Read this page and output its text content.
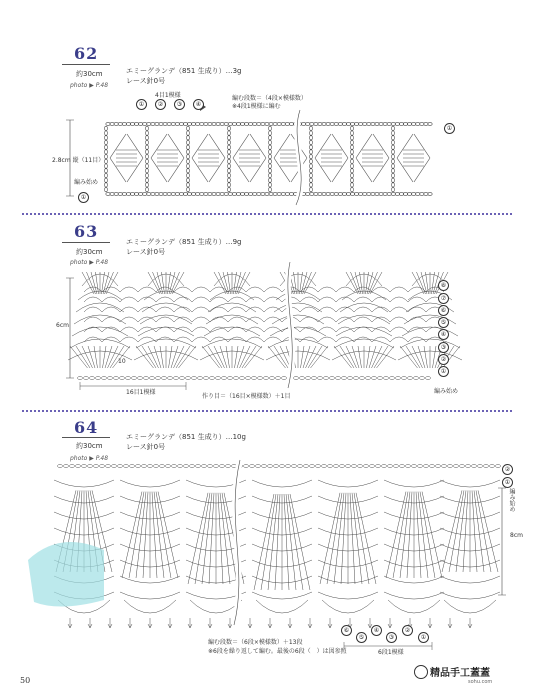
62
約30cm
photo ▶ P.48
エミーグランデ（851 生成り）…3g
レース針0号
4目1模様	編む段数＝（4段×模様数）
※4段1模様に編む
2.8cm 縦（11目）
編み始め
①	②	③	④
①
①
63
約30cm
photo ▶ P.48
エミーグランデ（851 生成り）…9g
レース針0号
6cm
16目1模様
作り目＝（16目×模様数）＋1目
編み始め
10
⑧
⑦
⑥
⑤
④
③
②
①
64
約30cm
photo ▶ P.48
エミーグランデ（851 生成り）…10g
レース針0号
8cm
編み始め
編む段数＝（6段×模様数）＋13段
※6段を繰り返して編む。最後の6段（　）は図参照	6段1模様
②
①
⑥
⑤
④
③
②
①
50
精品手工蓋蓋
sohu.com
